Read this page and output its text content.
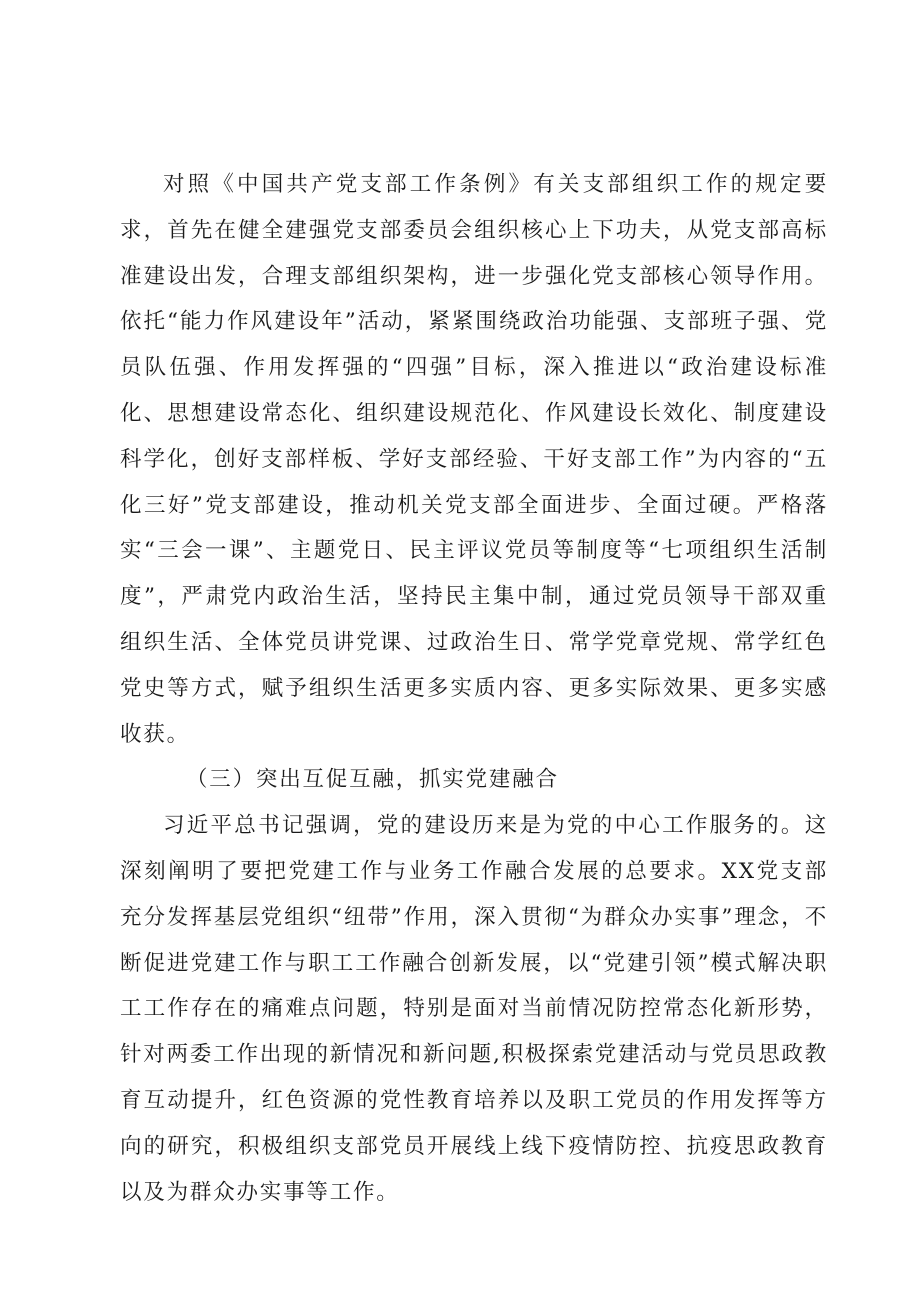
对照《中国共产党支部工作条例》有关支部组织工作的规定要求，首先在健全建强党支部委员会组织核心上下功夫，从党支部高标准建设出发，合理支部组织架构，进一步强化党支部核心领导作用。依托“能力作风建设年”活动，紧紧围绕政治功能强、支部班子强、党员队伍强、作用发挥强的“四强”目标，深入推进以“政治建设标准化、思想建设常态化、组织建设规范化、作风建设长效化、制度建设科学化，创好支部样板、学好支部经验、干好支部工作”为内容的“五化三好”党支部建设，推动机关党支部全面进步、全面过硬。严格落实“三会一课”、主题党日、民主评议党员等制度等“七项组织生活制度”，严肃党内政治生活，坚持民主集中制，通过党员领导干部双重组织生活、全体党员讲党课、过政治生日、常学党章党规、常学红色党史等方式，赋予组织生活更多实质内容、更多实际效果、更多实感收获。

（三）突出互促互融，抓实党建融合

习近平总书记强调，党的建设历来是为党的中心工作服务的。这深刻阐明了要把党建工作与业务工作融合发展的总要求。XX党支部充分发挥基层党组织“纽带”作用，深入贯彻“为群众办实事”理念，不断促进党建工作与职工工作融合创新发展，以“党建引领”模式解决职工工作存在的痛难点问题，特别是面对当前情况防控常态化新形势，针对两委工作出现的新情况和新问题,积极探索党建活动与党员思政教育互动提升，红色资源的党性教育培养以及职工党员的作用发挥等方向的研究，积极组织支部党员开展线上线下疫情防控、抗疫思政教育以及为群众办实事等工作。
